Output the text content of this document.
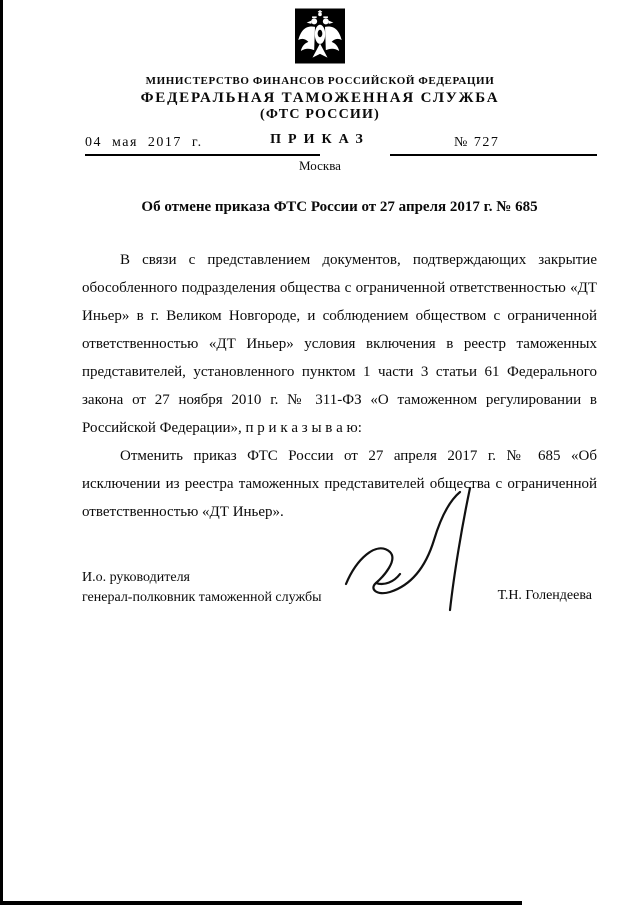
МИНИСТЕРСТВО ФИНАНСОВ РОССИЙСКОЙ ФЕДЕРАЦИИ

ФЕДЕРАЛЬНАЯ ТАМОЖЕННАЯ СЛУЖБА

(ФТС РОССИИ)

ПРИКАЗ

04 мая 2017 г.	№ 727

Москва

Об отмене приказа ФТС России от 27 апреля 2017 г. № 685

В связи с представлением документов, подтверждающих закрытие обособленного подразделения общества с ограниченной ответственностью «ДТ Иньер» в г. Великом Новгороде, и соблюдением обществом с ограниченной ответственностью «ДТ Иньер» условия включения в реестр таможенных представителей, установленного пунктом 1 части 3 статьи 61 Федерального закона от 27 ноября 2010 г. № 311-ФЗ «О таможенном регулировании в Российской Федерации», п р и к а з ы в а ю:

Отменить приказ ФТС России от 27 апреля 2017 г. № 685 «Об исключении из реестра таможенных представителей общества с ограниченной ответственностью «ДТ Иньер».

И.о. руководителя
генерал-полковник таможенной службы	Т.Н. Голендеева
